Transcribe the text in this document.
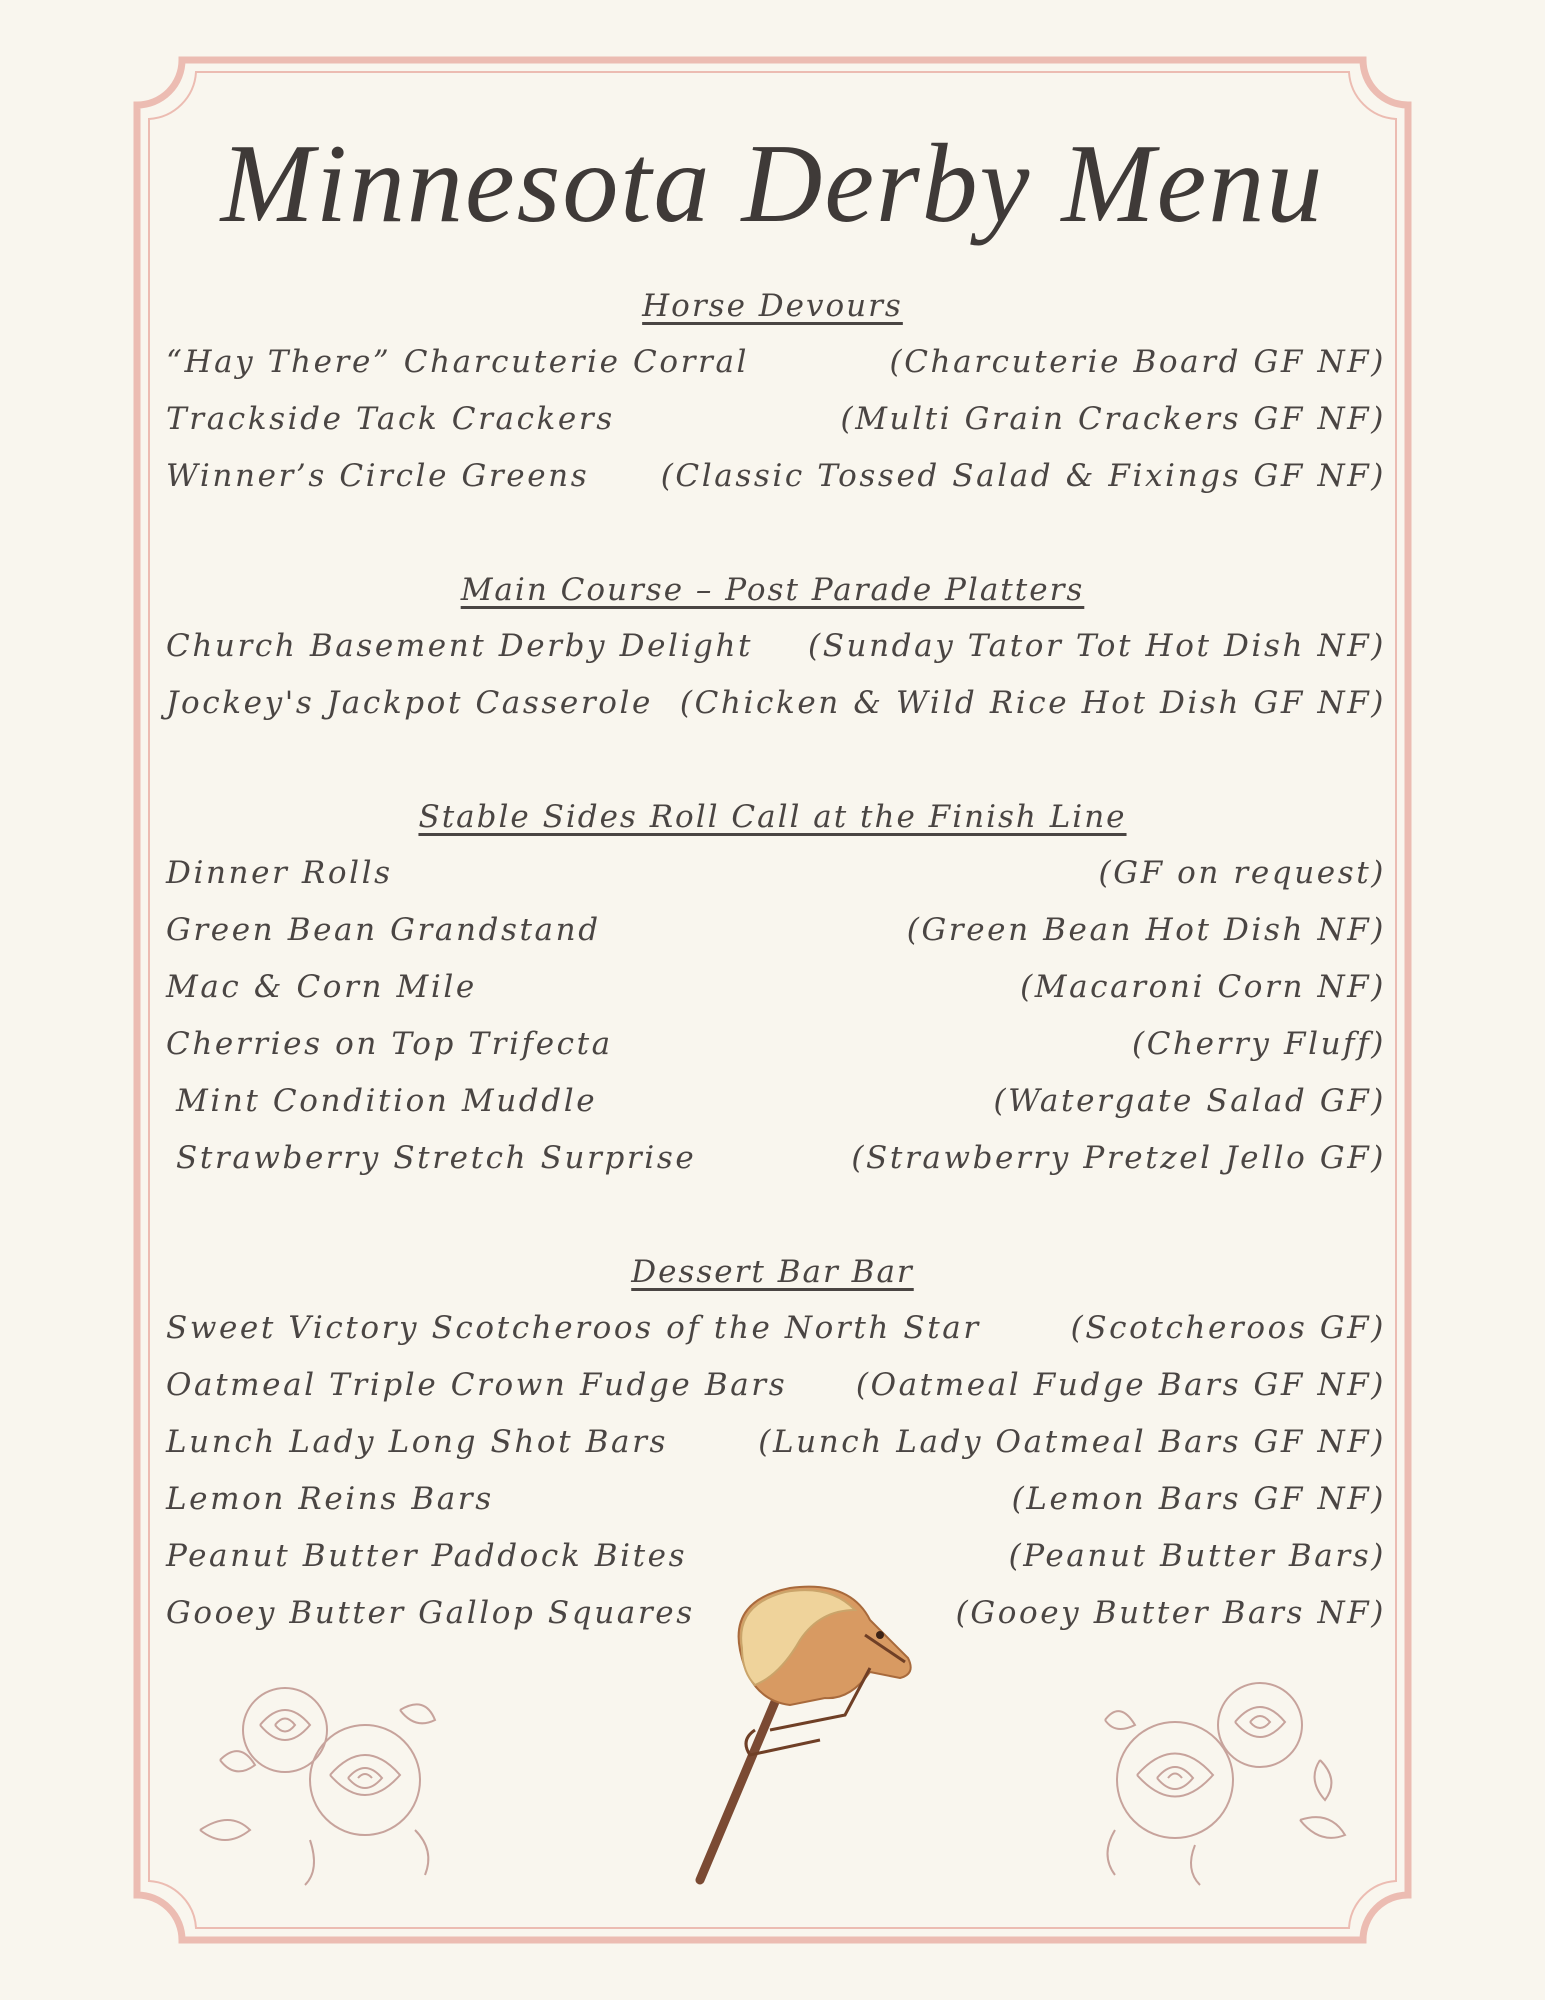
Minnesota Derby Menu
Horse Devours
“Hay There” Charcuterie Corral	(Charcuterie Board GF NF)
Trackside Tack Crackers	(Multi Grain Crackers GF NF)
Winner’s Circle Greens (Classic Tossed Salad & Fixings GF NF)
Main Course – Post Parade Platters
Church Basement Derby Delight (Sunday Tator Tot Hot Dish NF)
Jockey's Jackpot Casserole (Chicken & Wild Rice Hot Dish GF NF)
Stable Sides Roll Call at the Finish Line
Dinner Rolls	(GF on request)
Green Bean Grandstand	(Green Bean Hot Dish NF)
Mac & Corn Mile	(Macaroni Corn NF)
Cherries on Top Trifecta	(Cherry Fluff)
Mint Condition Muddle	(Watergate Salad GF)
Strawberry Stretch Surprise	(Strawberry Pretzel Jello GF)
Dessert Bar Bar
Sweet Victory Scotcheroos of the North Star	(Scotcheroos GF)
Oatmeal Triple Crown Fudge Bars (Oatmeal Fudge Bars GF NF)
Lunch Lady Long Shot Bars	(Lunch Lady Oatmeal Bars GF NF)
Lemon Reins Bars	(Lemon Bars GF NF)
Peanut Butter Paddock Bites	(Peanut Butter Bars)
Gooey Butter Gallop Squares	(Gooey Butter Bars NF)
